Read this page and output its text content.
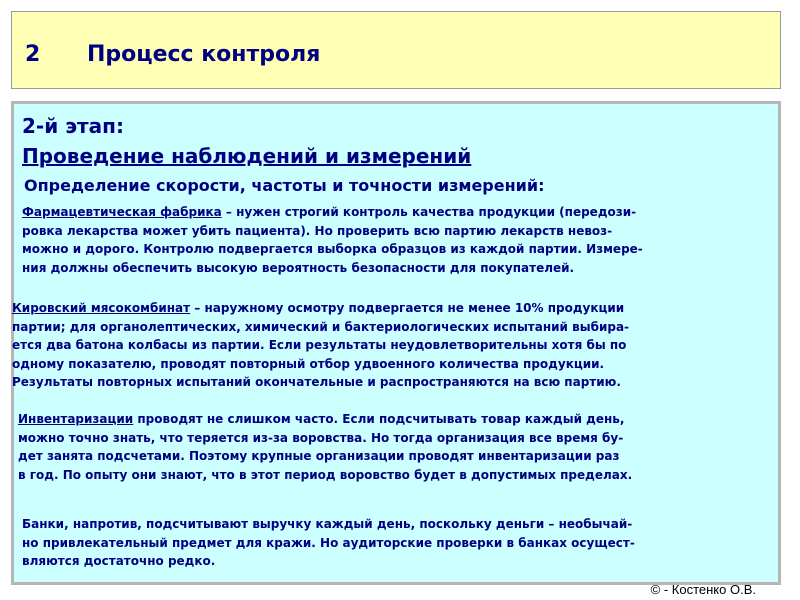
2 Процесс контроля
2-й этап:
Проведение наблюдений и измерений
Определение скорости, частоты и точности измерений:
Фармацевтическая фабрика – нужен строгий контроль качества продукции (передози-
ровка лекарства может убить пациента). Но проверить всю партию лекарств невоз-
можно и дорого. Контролю подвергается выборка образцов из каждой партии. Измере-
ния должны обеспечить высокую вероятность безопасности для покупателей.
Кировский мясокомбинат – наружному осмотру подвергается не менее 10% продукции
партии; для органолептических, химический и бактериологических испытаний выбира-
ется два батона колбасы из партии. Если результаты неудовлетворительны хотя бы по
одному показателю, проводят повторный отбор удвоенного количества продукции.
Результаты повторных испытаний окончательные и распространяются на всю партию.
Инвентаризации проводят не слишком часто. Если подсчитывать товар каждый день,
можно точно знать, что теряется из-за воровства. Но тогда организация все время бу-
дет занята подсчетами. Поэтому крупные организации проводят инвентаризации раз
в год. По опыту они знают, что в этот период воровство будет в допустимых пределах.
Банки, напротив, подсчитывают выручку каждый день, поскольку деньги – необычай-
но привлекательный предмет для кражи. Но аудиторские проверки в банках осущест-
вляются достаточно редко.
© - Костенко О.В.
